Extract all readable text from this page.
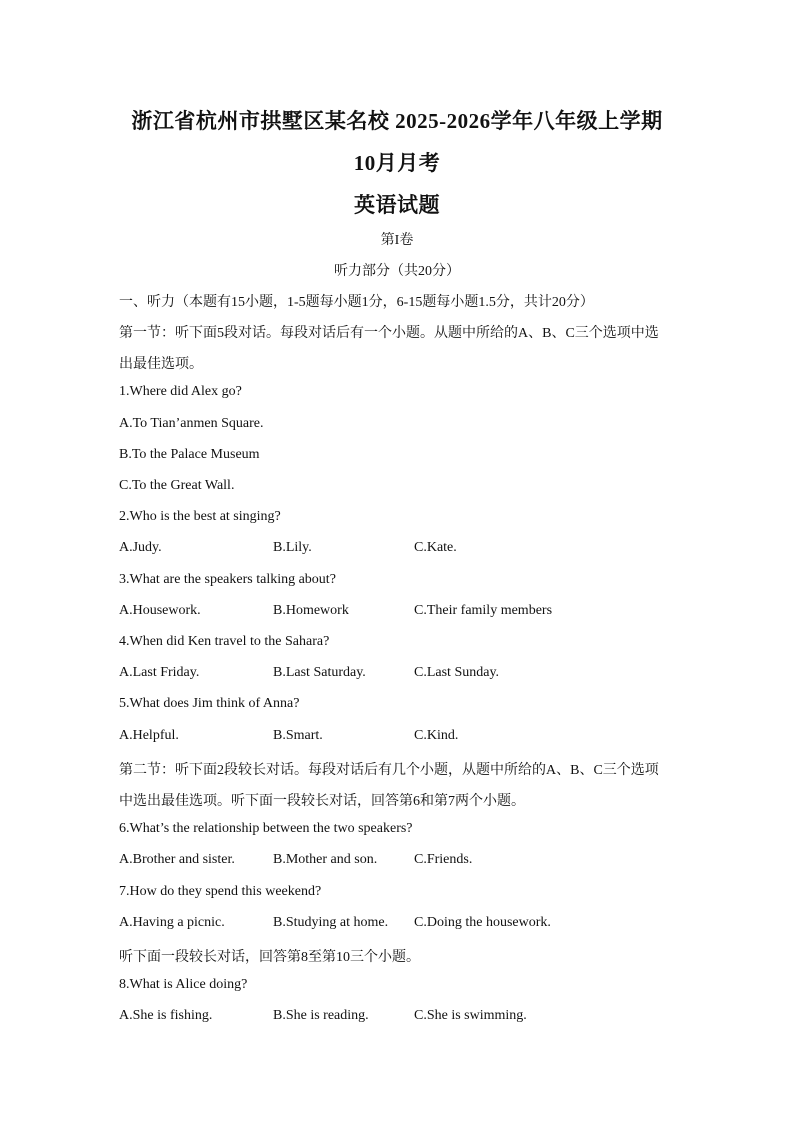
浙江省杭州市拱墅区某名校 2025-2026学年八年级上学期
10月月考
英语试题
第I卷
听力部分（共20分）
一、听力（本题有15小题，1-5题每小题1分，6-15题每小题1.5分，共计20分）
第一节：听下面5段对话。每段对话后有一个小题。从题中所给的A、B、C三个选项中选
出最佳选项。
1.Where did Alex go?
A.To Tian’anmen Square.
B.To the Palace Museum
C.To the Great Wall.
2.Who is the best at singing?
A.Judy.	B.Lily.	C.Kate.
3.What are the speakers talking about?
A.Housework.	B.Homework	C.Their family members
4.When did Ken travel to the Sahara?
A.Last Friday.	B.Last Saturday.	C.Last Sunday.
5.What does Jim think of Anna?
A.Helpful.	B.Smart.	C.Kind.
第二节：听下面2段较长对话。每段对话后有几个小题，从题中所给的A、B、C三个选项
中选出最佳选项。听下面一段较长对话，回答第6和第7两个小题。
6.What’s the relationship between the two speakers?
A.Brother and sister.	B.Mother and son.	C.Friends.
7.How do they spend this weekend?
A.Having a picnic.	B.Studying at home. C.Doing the housework.
听下面一段较长对话，回答第8至第10三个小题。
8.What is Alice doing?
A.She is fishing.	B.She is reading.	C.She is swimming.
